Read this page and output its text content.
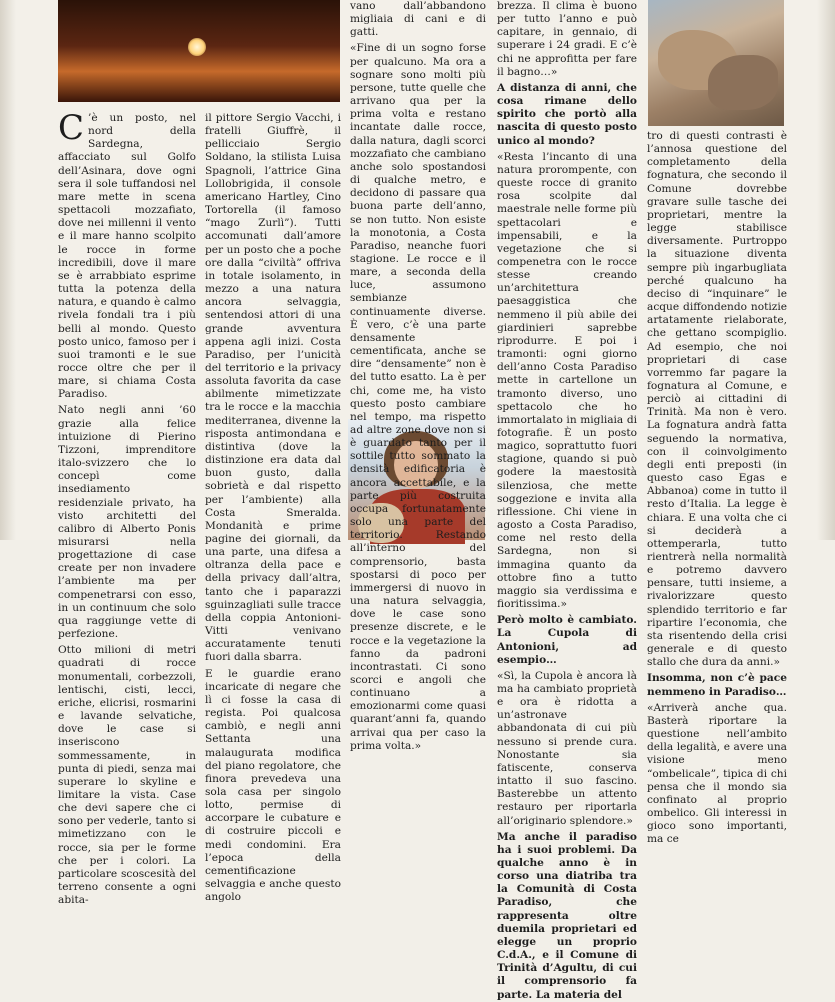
C ’è un posto, nel nord della Sardegna, affacciato sul Golfo dell’Asinara, dove ogni sera il sole tuffandosi nel mare mette in scena spettacoli mozzafiato, dove nei millenni il vento e il mare hanno scolpito le rocce in forme incredibili, dove il mare se è arrabbiato esprime tutta la potenza della natura, e quando è calmo rivela fondali tra i più belli al mondo. Questo posto unico, famoso per i suoi tramonti e le sue rocce oltre che per il mare, si chiama Costa Paradiso.

Nato negli anni ’60 grazie alla felice intuizione di Pierino Tizzoni, imprenditore italo-svizzero che lo concepì come insediamento residenziale privato, ha visto architetti del calibro di Alberto Ponis misurarsi nella progettazione di case create per non invadere l’ambiente ma per compenetrarsi con esso, in un continuum che solo qua raggiunge vette di perfezione.

Otto milioni di metri quadrati di rocce monumentali, corbezzoli, lentischi, cisti, lecci, eriche, elicrisi, rosmarini e lavande selvatiche, dove le case si inseriscono sommessamente, in punta di piedi, senza mai superare lo skyline e limitare la vista. Case che devi sapere che ci sono per vederle, tanto si mimetizzano con le rocce, sia per le forme che per i colori. La particolare scoscesità del terreno consente a ogni abita-

il pittore Sergio Vacchi, i fratelli Giuffrè, il pellicciaio Sergio Soldano, la stilista Luisa Spagnoli, l’attrice Gina Lollobrigida, il console americano Hartley, Cino Tortorella (il famoso “mago Zurlì”). Tutti accomunati dall’amore per un posto che a poche ore dalla “civiltà” offriva in totale isolamento, in mezzo a una natura ancora selvaggia, sentendosi attori di una grande avventura appena agli inizi. Costa Paradiso, per l’unicità del territorio e la privacy assoluta favorita da case abilmente mimetizzate tra le rocce e la macchia mediterranea, divenne la risposta antimondana e distintiva (dove la distinzione era data dal buon gusto, dalla sobrietà e dal rispetto per l’ambiente) alla Costa Smeralda. Mondanità e prime pagine dei giornali, da una parte, una difesa a oltranza della pace e della privacy dall’altra, tanto che i paparazzi sguinzagliati sulle tracce della coppia Antonioni-Vitti venivano accuratamente tenuti fuori dalla sbarra.

E le guardie erano incaricate di negare che lì ci fosse la casa di regista. Poi qualcosa cambiò, e negli anni Settanta una malaugurata modifica del piano regolatore, che finora prevedeva una sola casa per singolo lotto, permise di accorpare le cubature e di costruire piccoli e medi condomini. Era l’epoca della cementificazione selvaggia e anche questo angolo

vano dall’abbandono migliaia di cani e di gatti.

«Fine di un sogno forse per qualcuno. Ma ora a sognare sono molti più persone, tutte quelle che arrivano qua per la prima volta e restano incantate dalle rocce, dalla natura, dagli scorci mozzafiato che cambiano anche solo spostandosi di qualche metro, e decidono di passare qua buona parte dell’anno, se non tutto. Non esiste la monotonia, a Costa Paradiso, neanche fuori stagione. Le rocce e il mare, a seconda della luce, assumono sembianze continuamente diverse. È vero, c’è una parte densamente cementificata, anche se dire “densamente” non è del tutto esatto. La è per chi, come me, ha visto questo posto cambiare nel tempo, ma rispetto ad altre zone dove non si è guardato tanto per il sottile tutto sommato la densità edificatoria è ancora accettabile, e la parte più costruita occupa fortunatamente solo una parte del territorio. Restando all’interno del comprensorio, basta spostarsi di poco per immergersi di nuovo in una natura selvaggia, dove le case sono presenze discrete, e le rocce e la vegetazione la fanno da padroni incontrastati. Ci sono scorci e angoli che continuano a emozionarmi come quasi quarant’anni fa, quando arrivai qua per caso la prima volta.»

brezza. Il clima è buono per tutto l’anno e può capitare, in gennaio, di superare i 24 gradi. E c’è chi ne approfitta per fare il bagno…»

A distanza di anni, che cosa rimane dello spirito che portò alla nascita di questo posto unico al mondo?

«Resta l’incanto di una natura prorompente, con queste rocce di granito rosa scolpite dal maestrale nelle forme più spettacolari e impensabili, e la vegetazione che si compenetra con le rocce stesse creando un’architettura paesaggistica che nemmeno il più abile dei giardinieri saprebbe riprodurre. E poi i tramonti: ogni giorno dell’anno Costa Paradiso mette in cartellone un tramonto diverso, uno spettacolo che ho immortalato in migliaia di fotografie. È un posto magico, soprattutto fuori stagione, quando si può godere la maestosità silenziosa, che mette soggezione e invita alla riflessione. Chi viene in agosto a Costa Paradiso, come nel resto della Sardegna, non si immagina quanto da ottobre fino a tutto maggio sia verdissima e fioritissima.»

Però molto è cambiato. La Cupola di Antonioni, ad esempio…

«Sì, la Cupola è ancora là ma ha cambiato proprietà e ora è ridotta a un’astronave abbandonata di cui più nessuno si prende cura. Nonostante sia fatiscente, conserva intatto il suo fascino. Basterebbe un attento restauro per riportarla all’originario splendore.»

Ma anche il paradiso ha i suoi problemi. Da qualche anno è in corso una diatriba tra la Comunità di Costa Paradiso, che rappresenta oltre duemila proprietari ed elegge un proprio C.d.A., e il Comune di Trinità d’Agultu, di cui il comprensorio fa parte. La materia del

tro di questi contrasti è l’annosa questione del completamento della fognatura, che secondo il Comune dovrebbe gravare sulle tasche dei proprietari, mentre la legge stabilisce diversamente. Purtroppo la situazione diventa sempre più ingarbugliata perché qualcuno ha deciso di “inquinare” le acque diffondendo notizie artatamente rielaborate, che gettano scompiglio. Ad esempio, che noi proprietari di case vorremmo far pagare la fognatura al Comune, e perciò ai cittadini di Trinità. Ma non è vero. La fognatura andrà fatta seguendo la normativa, con il coinvolgimento degli enti preposti (in questo caso Egas e Abbanoa) come in tutto il resto d’Italia. La legge è chiara. E una volta che ci si deciderà a ottemperarla, tutto rientrerà nella normalità e potremo davvero pensare, tutti insieme, a rivalorizzare questo splendido territorio e far ripartire l’economia, che sta risentendo della crisi generale e di questo stallo che dura da anni.»

Insomma, non c’è pace nemmeno in Paradiso…

«Arriverà anche qua. Basterà riportare la questione nell’ambito della legalità, e avere una visione meno “ombelicale”, tipica di chi pensa che il mondo sia confinato al proprio ombelico. Gli interessi in gioco sono importanti, ma ce
